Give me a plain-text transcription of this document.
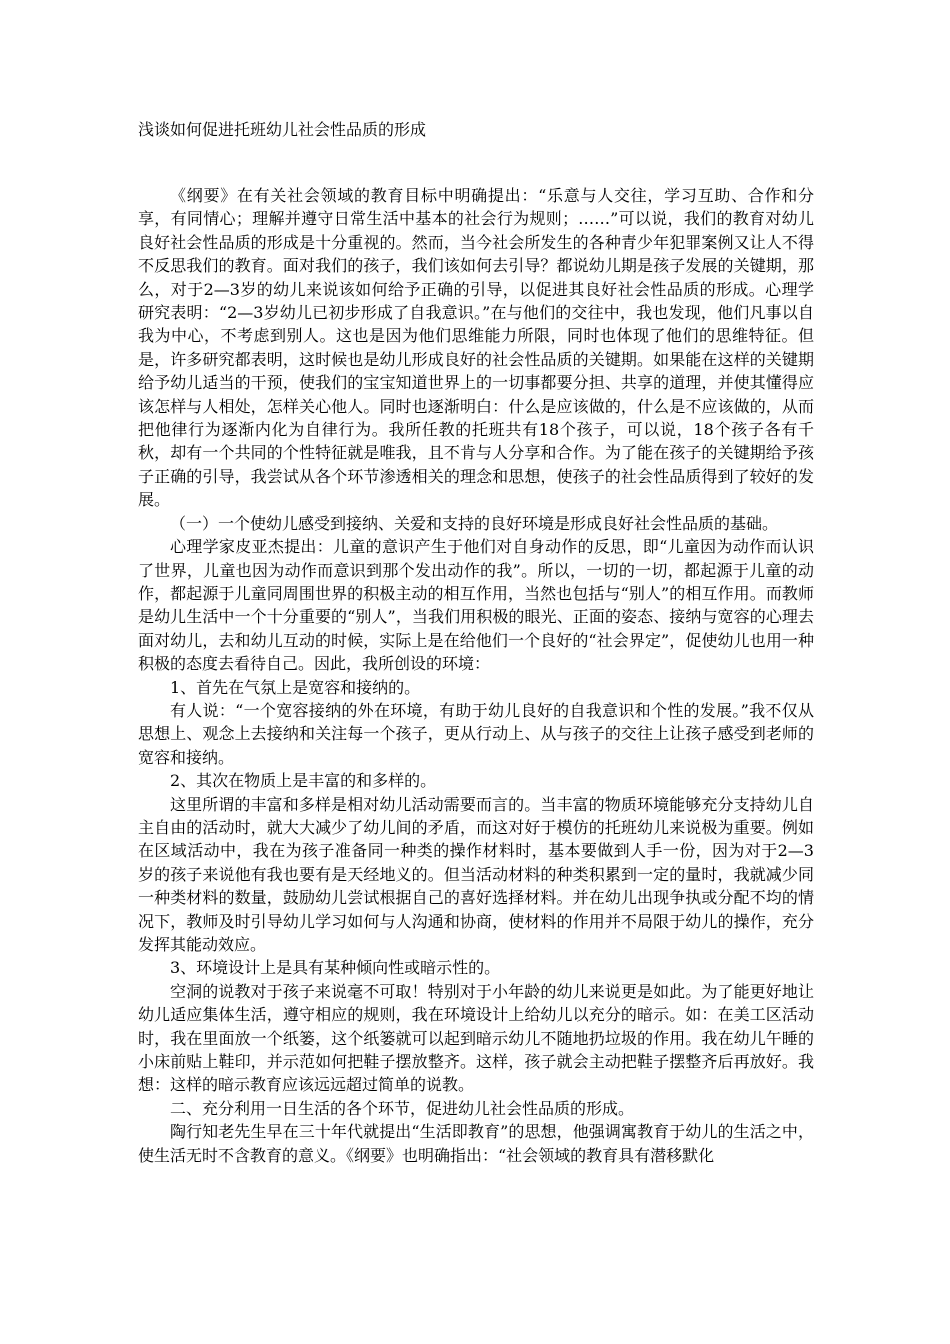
浅谈如何促进托班幼儿社会性品质的形成

《纲要》在有关社会领域的教育目标中明确提出：“乐意与人交往，学习互助、合作和分享，有同情心；理解并遵守日常生活中基本的社会行为规则；……”可以说，我们的教育对幼儿良好社会性品质的形成是十分重视的。然而，当今社会所发生的各种青少年犯罪案例又让人不得不反思我们的教育。面对我们的孩子，我们该如何去引导？都说幼儿期是孩子发展的关键期，那么，对于2—3岁的幼儿来说该如何给予正确的引导，以促进其良好社会性品质的形成。心理学研究表明：“2—3岁幼儿已初步形成了自我意识。”在与他们的交往中，我也发现，他们凡事以自我为中心，不考虑到别人。这也是因为他们思维能力所限，同时也体现了他们的思维特征。但是，许多研究都表明，这时候也是幼儿形成良好的社会性品质的关键期。如果能在这样的关键期给予幼儿适当的干预，使我们的宝宝知道世界上的一切事都要分担、共享的道理，并使其懂得应该怎样与人相处，怎样关心他人。同时也逐渐明白：什么是应该做的，什么是不应该做的，从而把他律行为逐渐内化为自律行为。我所任教的托班共有18个孩子，可以说，18个孩子各有千秋，却有一个共同的个性特征就是唯我，且不肯与人分享和合作。为了能在孩子的关键期给予孩子正确的引导，我尝试从各个环节渗透相关的理念和思想，使孩子的社会性品质得到了较好的发展。

（一）一个使幼儿感受到接纳、关爱和支持的良好环境是形成良好社会性品质的基础。

心理学家皮亚杰提出：儿童的意识产生于他们对自身动作的反思，即“儿童因为动作而认识了世界，儿童也因为动作而意识到那个发出动作的我”。所以，一切的一切，都起源于儿童的动作，都起源于儿童同周围世界的积极主动的相互作用，当然也包括与“别人”的相互作用。而教师是幼儿生活中一个十分重要的“别人”，当我们用积极的眼光、正面的姿态、接纳与宽容的心理去面对幼儿，去和幼儿互动的时候，实际上是在给他们一个良好的“社会界定”，促使幼儿也用一种积极的态度去看待自己。因此，我所创设的环境：

1、首先在气氛上是宽容和接纳的。

有人说：“一个宽容接纳的外在环境，有助于幼儿良好的自我意识和个性的发展。”我不仅从思想上、观念上去接纳和关注每一个孩子，更从行动上、从与孩子的交往上让孩子感受到老师的宽容和接纳。

2、其次在物质上是丰富的和多样的。

这里所谓的丰富和多样是相对幼儿活动需要而言的。当丰富的物质环境能够充分支持幼儿自主自由的活动时，就大大减少了幼儿间的矛盾，而这对好于模仿的托班幼儿来说极为重要。例如在区域活动中，我在为孩子准备同一种类的操作材料时，基本要做到人手一份，因为对于2—3岁的孩子来说他有我也要有是天经地义的。但当活动材料的种类积累到一定的量时，我就减少同一种类材料的数量，鼓励幼儿尝试根据自己的喜好选择材料。并在幼儿出现争执或分配不均的情况下，教师及时引导幼儿学习如何与人沟通和协商，使材料的作用并不局限于幼儿的操作，充分发挥其能动效应。

3、环境设计上是具有某种倾向性或暗示性的。

空洞的说教对于孩子来说毫不可取！特别对于小年龄的幼儿来说更是如此。为了能更好地让幼儿适应集体生活，遵守相应的规则，我在环境设计上给幼儿以充分的暗示。如：在美工区活动时，我在里面放一个纸篓，这个纸篓就可以起到暗示幼儿不随地扔垃圾的作用。我在幼儿午睡的小床前贴上鞋印，并示范如何把鞋子摆放整齐。这样，孩子就会主动把鞋子摆整齐后再放好。我想：这样的暗示教育应该远远超过简单的说教。

二、充分利用一日生活的各个环节，促进幼儿社会性品质的形成。

陶行知老先生早在三十年代就提出“生活即教育”的思想，他强调寓教育于幼儿的生活之中，使生活无时不含教育的意义。《纲要》也明确指出：“社会领域的教育具有潜移默化
